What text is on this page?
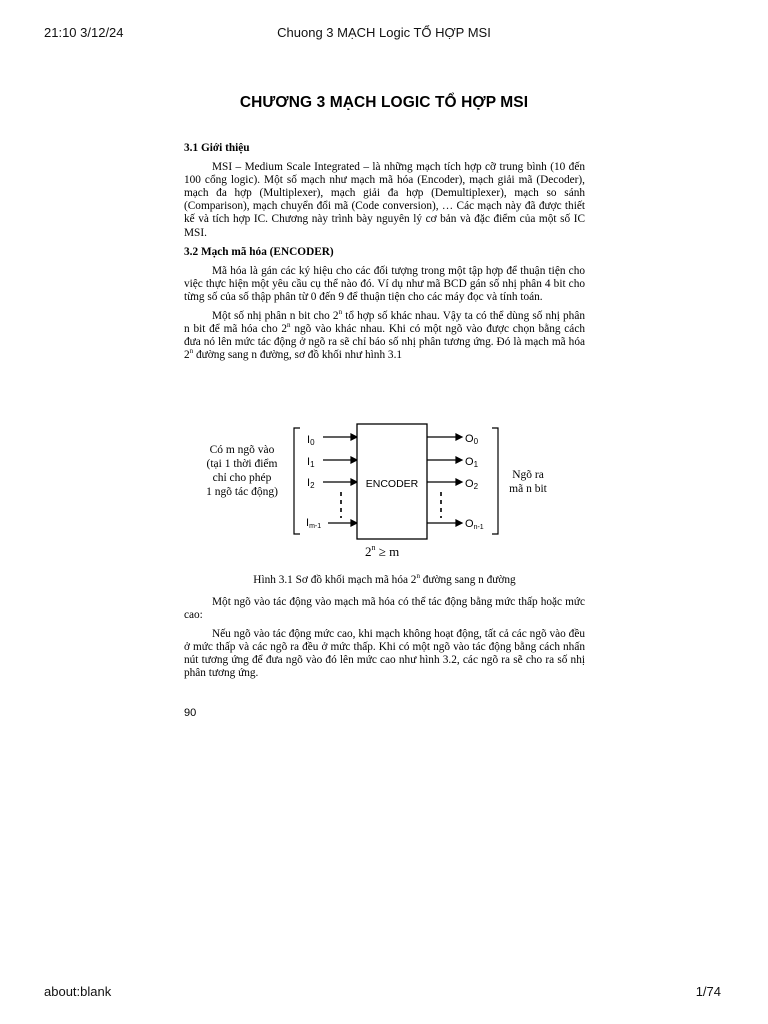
21:10 3/12/24	Chuong 3 MẠCH Logic TỔ HỢP MSI
about:blank	1/74
CHƯƠNG 3 MẠCH LOGIC TỔ HỢP MSI
3.1 Giới thiệu

MSI – Medium Scale Integrated – là những mạch tích hợp cỡ trung bình (10 đến 100 cổng logic). Một số mạch như mạch mã hóa (Encoder), mạch giải mã (Decoder), mạch đa hợp (Multiplexer), mạch giải đa hợp (Demultiplexer), mạch so sánh (Comparison), mạch chuyển đổi mã (Code conversion), … Các mạch này đã được thiết kế và tích hợp IC. Chương này trình bày nguyên lý cơ bản và đặc điểm của một số IC MSI.

3.2 Mạch mã hóa (ENCODER)

Mã hóa là gán các ký hiệu cho các đối tượng trong một tập hợp để thuận tiện cho việc thực hiện một yêu cầu cụ thể nào đó. Ví dụ như mã BCD gán số nhị phân 4 bit cho từng số của số thập phân từ 0 đến 9 để thuận tiện cho các máy đọc và tính toán.

Một số nhị phân n bit cho 2$^n$ tổ hợp số khác nhau. Vậy ta có thể dùng số nhị phân n bit để mã hóa cho 2$^n$ ngõ vào khác nhau. Khi có một ngõ vào được chọn bằng cách đưa nó lên mức tác động ở ngõ ra sẽ chỉ báo số nhị phân tương ứng. Đó là mạch mã hóa 2$^n$ đường sang n đường, sơ đồ khối như hình 3.1

Có m ngõ vào
(tại 1 thời điểm
chỉ cho phép
1 ngõ tác động)
I0
I1
I2
Im-1
ENCODER
O0
O1
O2
On-1
Ngõ ra
mã n bit
$2^n \ge m$
Hình 3.1 Sơ đồ khối mạch mã hóa 2$^n$ đường sang n đường

Một ngõ vào tác động vào mạch mã hóa có thể tác động bằng mức thấp hoặc mức cao:

Nếu ngõ vào tác động mức cao, khi mạch không hoạt động, tất cả các ngõ vào đều ở mức thấp và các ngõ ra đều ở mức thấp. Khi có một ngõ vào tác động bằng cách nhấn nút tương ứng để đưa ngõ vào đó lên mức cao như hình 3.2, các ngõ ra sẽ cho ra số nhị phân tương ứng.

90
